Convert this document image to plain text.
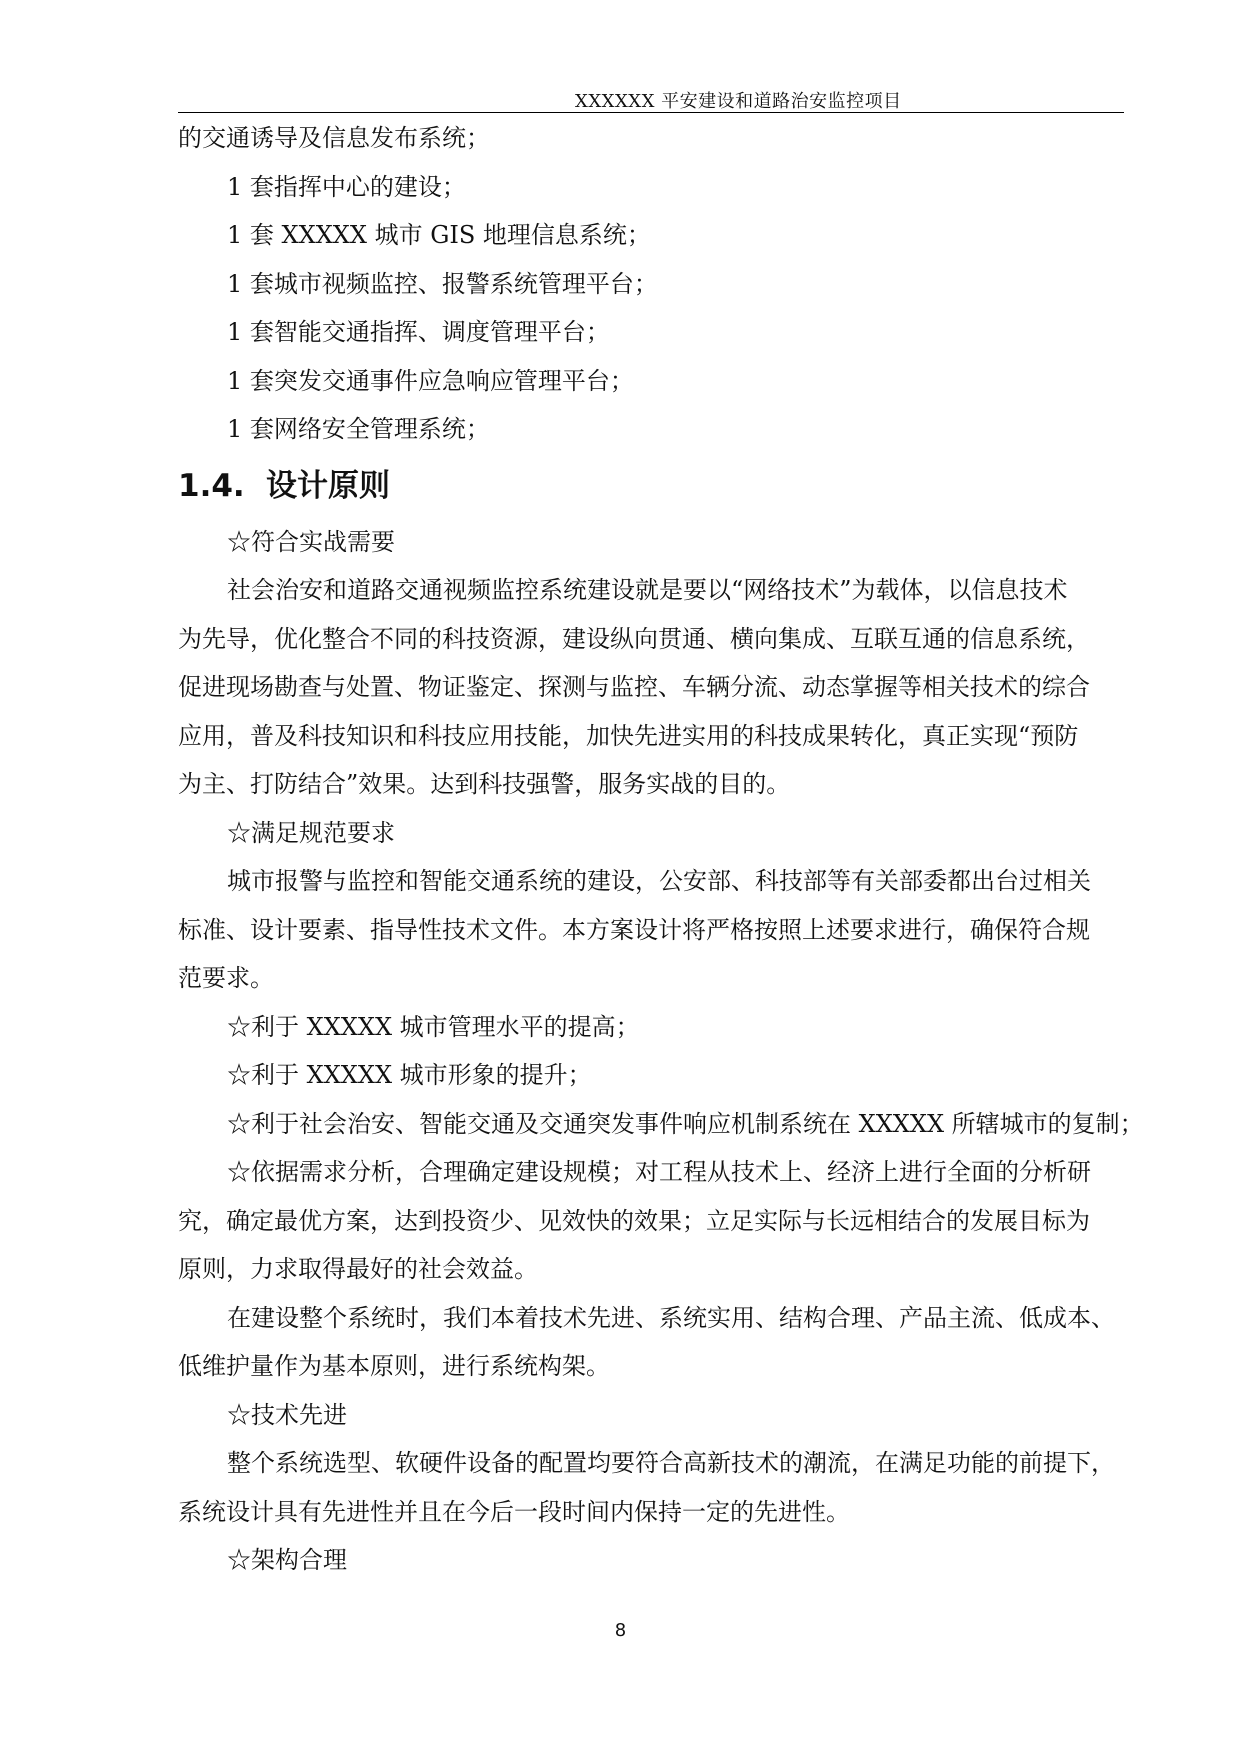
XXXXXX 平安建设和道路治安监控项目

的交通诱导及信息发布系统；

1 套指挥中心的建设；

1 套 XXXXX 城市 GIS 地理信息系统；

1 套城市视频监控、报警系统管理平台；

1 套智能交通指挥、调度管理平台；

1 套突发交通事件应急响应管理平台；

1 套网络安全管理系统；

1.4. 设计原则

☆符合实战需要

社会治安和道路交通视频监控系统建设就是要以“网络技术”为载体，以信息技术

为先导，优化整合不同的科技资源，建设纵向贯通、横向集成、互联互通的信息系统，

促进现场勘查与处置、物证鉴定、探测与监控、车辆分流、动态掌握等相关技术的综合

应用，普及科技知识和科技应用技能，加快先进实用的科技成果转化，真正实现“预防

为主、打防结合”效果。达到科技强警，服务实战的目的。

☆满足规范要求

城市报警与监控和智能交通系统的建设，公安部、科技部等有关部委都出台过相关

标准、设计要素、指导性技术文件。本方案设计将严格按照上述要求进行，确保符合规

范要求。

☆利于 XXXXX 城市管理水平的提高；

☆利于 XXXXX 城市形象的提升；

☆利于社会治安、智能交通及交通突发事件响应机制系统在 XXXXX 所辖城市的复制；

☆依据需求分析，合理确定建设规模；对工程从技术上、经济上进行全面的分析研

究，确定最优方案，达到投资少、见效快的效果；立足实际与长远相结合的发展目标为

原则，力求取得最好的社会效益。

在建设整个系统时，我们本着技术先进、系统实用、结构合理、产品主流、低成本、

低维护量作为基本原则，进行系统构架。

☆技术先进

整个系统选型、软硬件设备的配置均要符合高新技术的潮流，在满足功能的前提下，

系统设计具有先进性并且在今后一段时间内保持一定的先进性。

☆架构合理

8
